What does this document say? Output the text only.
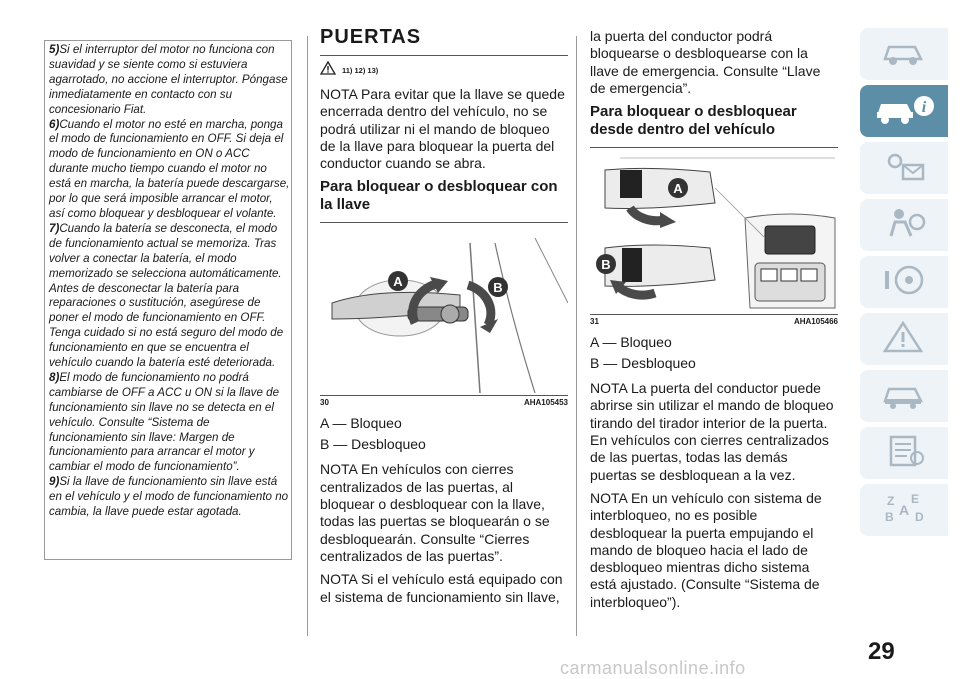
5)Si el interruptor del motor no funciona con suavidad y se siente como si estuviera agarrotado, no accione el interruptor. Póngase inmediatamente en contacto con su concesionario Fiat.

6)Cuando el motor no esté en marcha, ponga el modo de funcionamiento en OFF. Si deja el modo de funcionamiento en ON o ACC durante mucho tiempo cuando el motor no está en marcha, la batería puede descargarse, por lo que será imposible arrancar el motor, así como bloquear y desbloquear el volante.

7)Cuando la batería se desconecta, el modo de funcionamiento actual se memoriza. Tras volver a conectar la batería, el modo memorizado se selecciona automáticamente. Antes de desconectar la batería para reparaciones o sustitución, asegúrese de poner el modo de funcionamiento en OFF. Tenga cuidado si no está seguro del modo de funcionamiento en que se encuentra el vehículo cuando la batería esté deteriorada.

8)El modo de funcionamiento no podrá cambiarse de OFF a ACC u ON si la llave de funcionamiento sin llave no se detecta en el vehículo. Consulte “Sistema de funcionamiento sin llave: Margen de funcionamiento para arrancar el motor y cambiar el modo de funcionamiento”.

9)Si la llave de funcionamiento sin llave está en el vehículo y el modo de funcionamiento no cambia, la llave puede estar agotada.

PUERTAS
11) 12) 13)

NOTA Para evitar que la llave se quede encerrada dentro del vehículo, no se podrá utilizar ni el mando de bloqueo de la llave para bloquear la puerta del conductor cuando se abra.

Para bloquear o desbloquear con la llave
A	B
30	AHA105453

A — Bloqueo

B — Desbloqueo

NOTA En vehículos con cierres centralizados de las puertas, al bloquear o desbloquear con la llave, todas las puertas se bloquearán o se desbloquearán. Consulte “Cierres centralizados de las puertas”.

NOTA Si el vehículo está equipado con el sistema de funcionamiento sin llave,

la puerta del conductor podrá bloquearse o desbloquearse con la llave de emergencia. Consulte “Llave de emergencia”.

Para bloquear o desbloquear desde dentro del vehículo
A
B
31	AHA105466

A — Bloqueo

B — Desbloqueo

NOTA La puerta del conductor puede abrirse sin utilizar el mando de bloqueo tirando del tirador interior de la puerta. En vehículos con cierres centralizados de las puertas, todas las demás puertas se desbloquean a la vez.

NOTA En un vehículo con sistema de interbloqueo, no es posible desbloquear la puerta empujando el mando de bloqueo hacia el lado de desbloqueo mientras dicho sistema está ajustado. (Consulte “Sistema de interbloqueo”).

i
Z E
B A D
29
carmanualsonline.info
